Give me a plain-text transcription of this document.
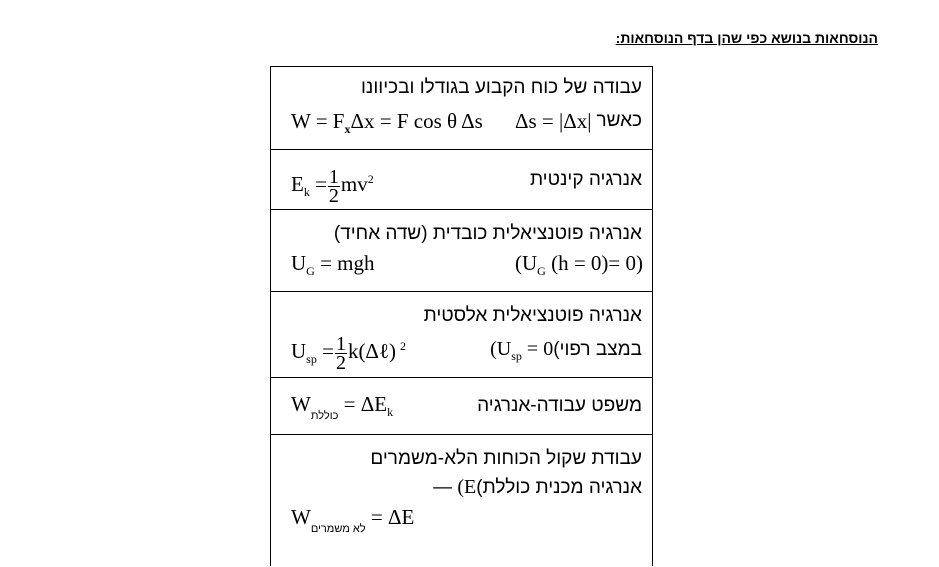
הנוסחאות בנושא כפי שהן בדף הנוסחאות:
עבודה של כוח הקבוע בגודלו ובכיוונו
$W = F_x\Delta x = F$ cos θ Δs Δs = |Δx| כאשר
אנרגיה קינטית
$E_k = \frac{1}{2} mv^2$
אנרגיה פוטנציאלית כובדית (שדה אחיד)
$U_G$ = mgh	($U_G$ (h = 0)= 0)
אנרגיה פוטנציאלית אלסטית
$U_{sp} = \frac{1}{2}$ k(Δℓ) $^2$	במצב $רפוי)(U_{sp} = 0$
משפט עבודה-אנרגיה
$W_{כוללת} = \Delta E_k$
עבודת שקול הכוחות הלא-משמרים
אנרגיה מכנית כוללת)(E —
$W_{לא משמרים} = \Delta E$
